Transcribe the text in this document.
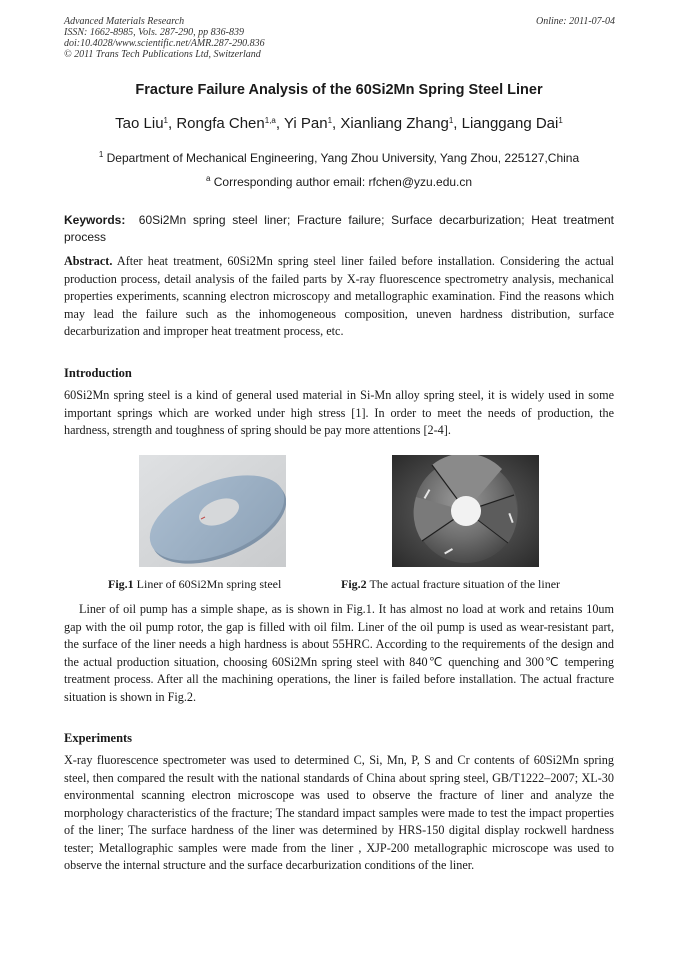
Advanced Materials Research
ISSN: 1662-8985, Vols. 287-290, pp 836-839
doi:10.4028/www.scientific.net/AMR.287-290.836
© 2011 Trans Tech Publications Ltd, Switzerland
Online: 2011-07-04
Fracture Failure Analysis of the 60Si2Mn Spring Steel Liner
Tao Liu$^1$, Rongfa Chen$^{1,a}$, Yi Pan$^1$, Xianliang Zhang$^1$, Lianggang Dai$^1$
$^1$ Department of Mechanical Engineering, Yang Zhou University, Yang Zhou, 225127,China
$^a$ Corresponding author email: rfchen@yzu.edu.cn
Keywords: 60Si2Mn spring steel liner; Fracture failure; Surface decarburization; Heat treatment process
Abstract. After heat treatment, 60Si2Mn spring steel liner failed before installation. Considering the actual production process, detail analysis of the failed parts by X-ray fluorescence spectrometry analysis, mechanical properties experiments, scanning electron microscopy and metallographic examination. Find the reasons which may lead the failure such as the inhomogeneous composition, uneven hardness distribution, surface decarburization and improper heat treatment process, etc.
Introduction
60Si2Mn spring steel is a kind of general used material in Si-Mn alloy spring steel, it is widely used in some important springs which are worked under high stress [1]. In order to meet the needs of production, the hardness, strength and toughness of spring should be pay more attentions [2-4].
Fig.1 Liner of 60Si2Mn spring steel	Fig.2 The actual fracture situation of the liner
Liner of oil pump has a simple shape, as is shown in Fig.1. It has almost no load at work and retains 10um gap with the oil pump rotor, the gap is filled with oil film. Liner of the oil pump is used as wear-resistant part, the surface of the liner needs a high hardness is about 55HRC. According to the requirements of the design and the actual production situation, choosing 60Si2Mn spring steel with 840℃ quenching and 300℃ tempering treatment process. After all the machining operations, the liner is failed before installation. The actual fracture situation is shown in Fig.2.
Experiments
X-ray fluorescence spectrometer was used to determined C, Si, Mn, P, S and Cr contents of 60Si2Mn spring steel, then compared the result with the national standards of China about spring steel, GB/T1222–2007; XL-30 environmental scanning electron microscope was used to observe the fracture of liner and analyze the morphology characteristics of the fracture; The standard impact samples were made to test the impact properties of the liner; The surface hardness of the liner was determined by HRS-150 digital display rockwell hardness tester; Metallographic samples were made from the liner , XJP-200 metallographic microscope was used to observe the internal structure and the surface decarburization conditions of the liner.
